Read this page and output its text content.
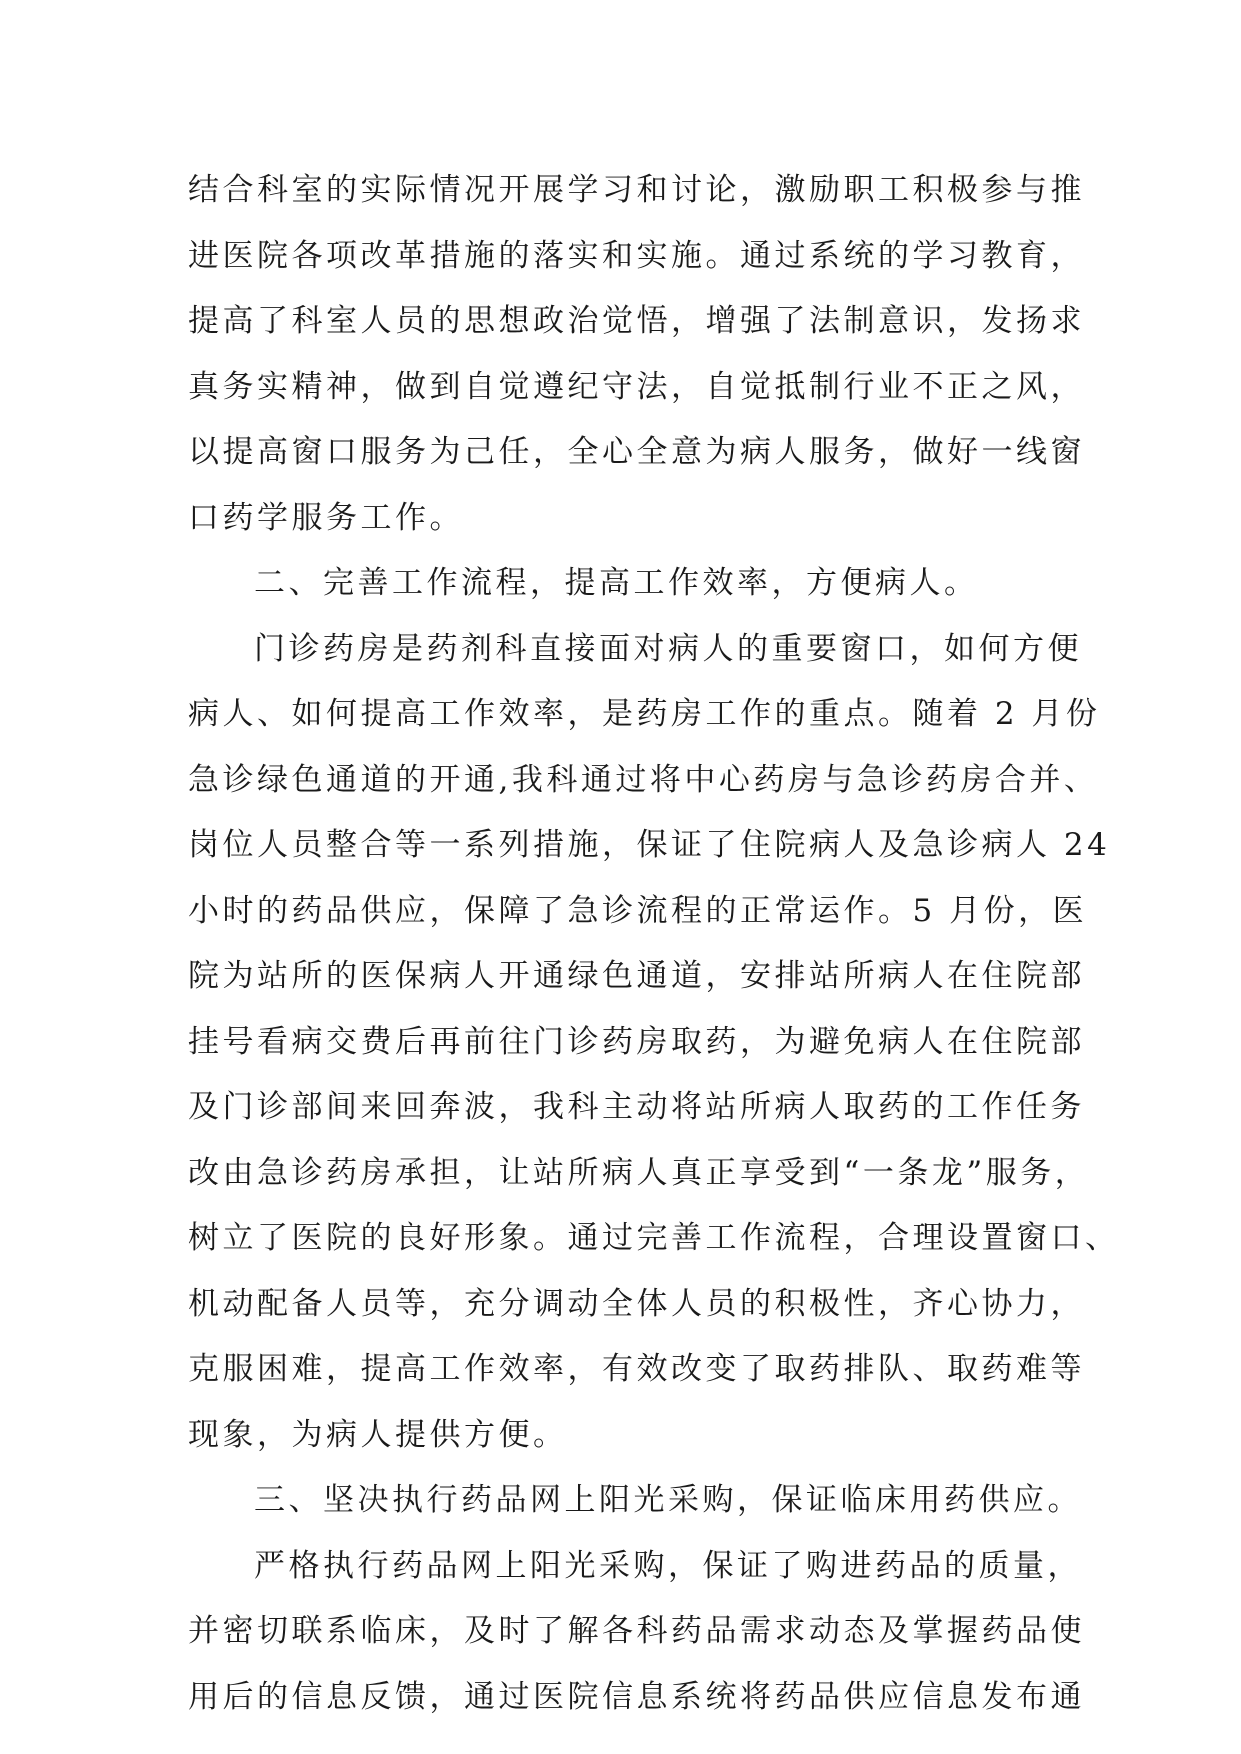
结合科室的实际情况开展学习和讨论，激励职工积极参与推
进医院各项改革措施的落实和实施。通过系统的学习教育，
提高了科室人员的思想政治觉悟，增强了法制意识，发扬求
真务实精神，做到自觉遵纪守法，自觉抵制行业不正之风，
以提高窗口服务为己任，全心全意为病人服务，做好一线窗
口药学服务工作。
二、完善工作流程，提高工作效率，方便病人。
门诊药房是药剂科直接面对病人的重要窗口，如何方便
病人、如何提高工作效率，是药房工作的重点。随着 2 月份
急诊绿色通道的开通,我科通过将中心药房与急诊药房合并、
岗位人员整合等一系列措施，保证了住院病人及急诊病人 24
小时的药品供应，保障了急诊流程的正常运作。5 月份，医
院为站所的医保病人开通绿色通道，安排站所病人在住院部
挂号看病交费后再前往门诊药房取药，为避免病人在住院部
及门诊部间来回奔波，我科主动将站所病人取药的工作任务
改由急诊药房承担，让站所病人真正享受到“一条龙”服务，
树立了医院的良好形象。通过完善工作流程，合理设置窗口、
机动配备人员等，充分调动全体人员的积极性，齐心协力，
克服困难，提高工作效率，有效改变了取药排队、取药难等
现象，为病人提供方便。
三、坚决执行药品网上阳光采购，保证临床用药供应。
严格执行药品网上阳光采购，保证了购进药品的质量，
并密切联系临床，及时了解各科药品需求动态及掌握药品使
用后的信息反馈，通过医院信息系统将药品供应信息发布通
